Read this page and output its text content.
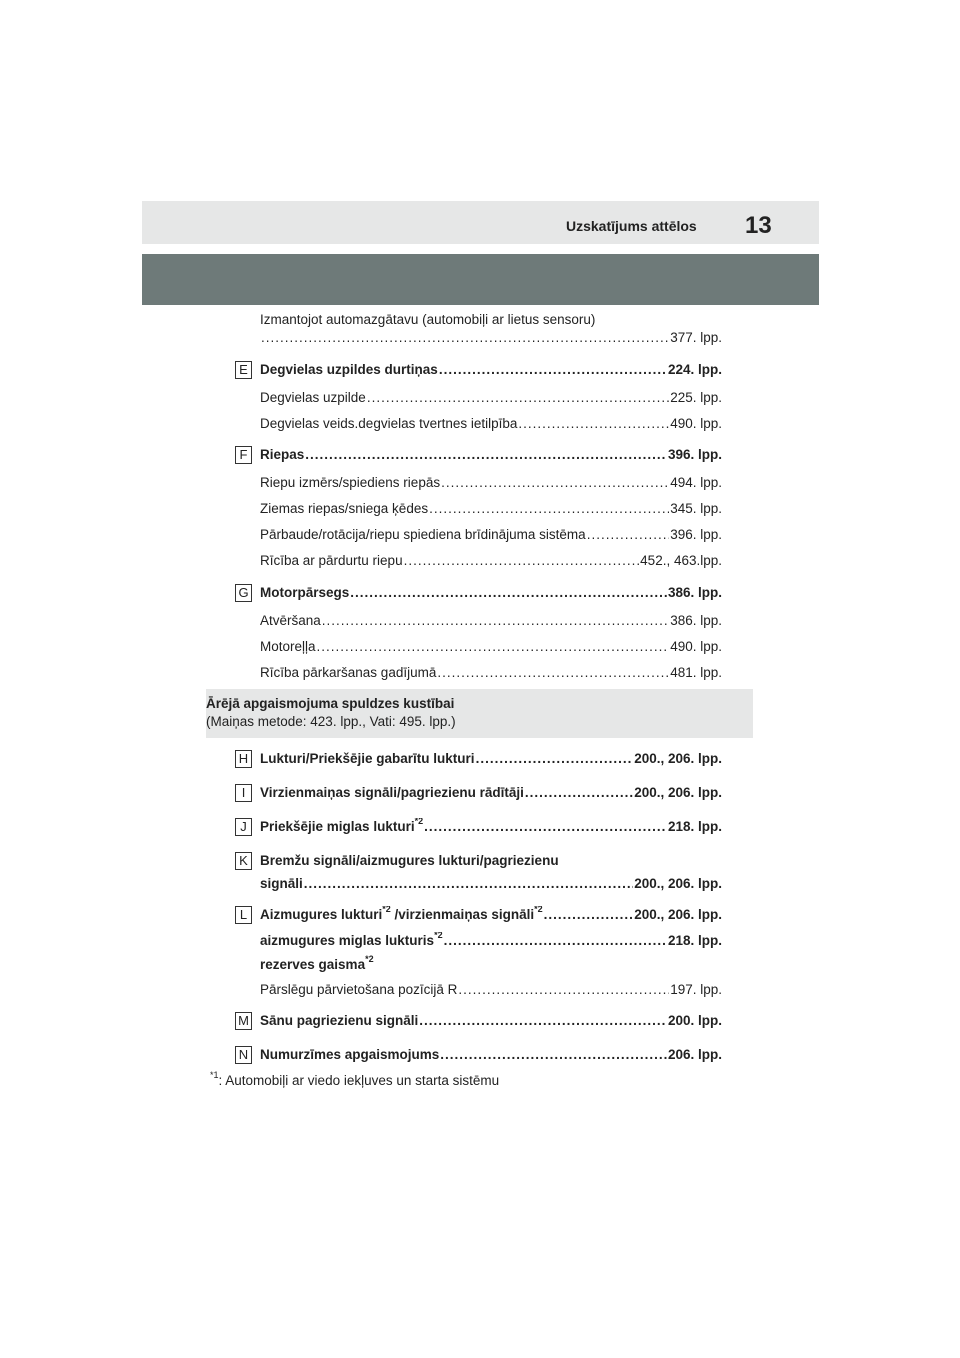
Uzskatījums attēlos 13
Izmantojot automazgātavu (automobiļi ar lietus sensoru)
.....
377. lpp.
E Degvielas uzpildes durtiņas .....	224. lpp.
Degvielas uzpilde .....	225. lpp.
Degvielas veids.degvielas tvertnes ietilpība .....	490. lpp.
F Riepas .....	396. lpp.
Riepu izmērs/spiediens riepās .....	494. lpp.
Ziemas riepas/sniega ķēdes .....	345. lpp.
Pārbaude/rotācija/riepu spiediena brīdinājuma sistēma .....	396. lpp.
Rīcība ar pārdurtu riepu .....	452., 463.lpp.
G Motorpārsegs .....	386. lpp.
Atvēršana .....	386. lpp.
Motoreļļa .....	490. lpp.
Rīcība pārkaršanas gadījumā .....	481. lpp.
Ārējā apgaismojuma spuldzes kustībai
(Maiņas metode: 423. lpp., Vati: 495. lpp.)
H Lukturi/Priekšējie gabarītu lukturi .....	200., 206. lpp.
I	Virzienmaiņas signāli/pagriezienu rādītāji .....	200., 206. lpp.
J Priekšējie miglas lukturi$^{*2}$ .....	218. lpp.
K Bremžu signāli/aizmugures lukturi/pagriezienu
signāli .....	200., 206. lpp.
L Aizmugures lukturi$^{*2}$ /virzienmaiņas signāli$^{*2}$ .....	200., 206. lpp.
aizmugures miglas lukturis$^{*2}$ .....	218. lpp.
rezerves gaisma$^{*2}$
Pārslēgu pārvietošana pozīcijā R .....	197. lpp.
M Sānu pagriezienu signāli .....	200. lpp.
N Numurzīmes apgaismojums .....	206. lpp.
$^{*1}$: Automobiļi ar viedo iekļuves un starta sistēmu
